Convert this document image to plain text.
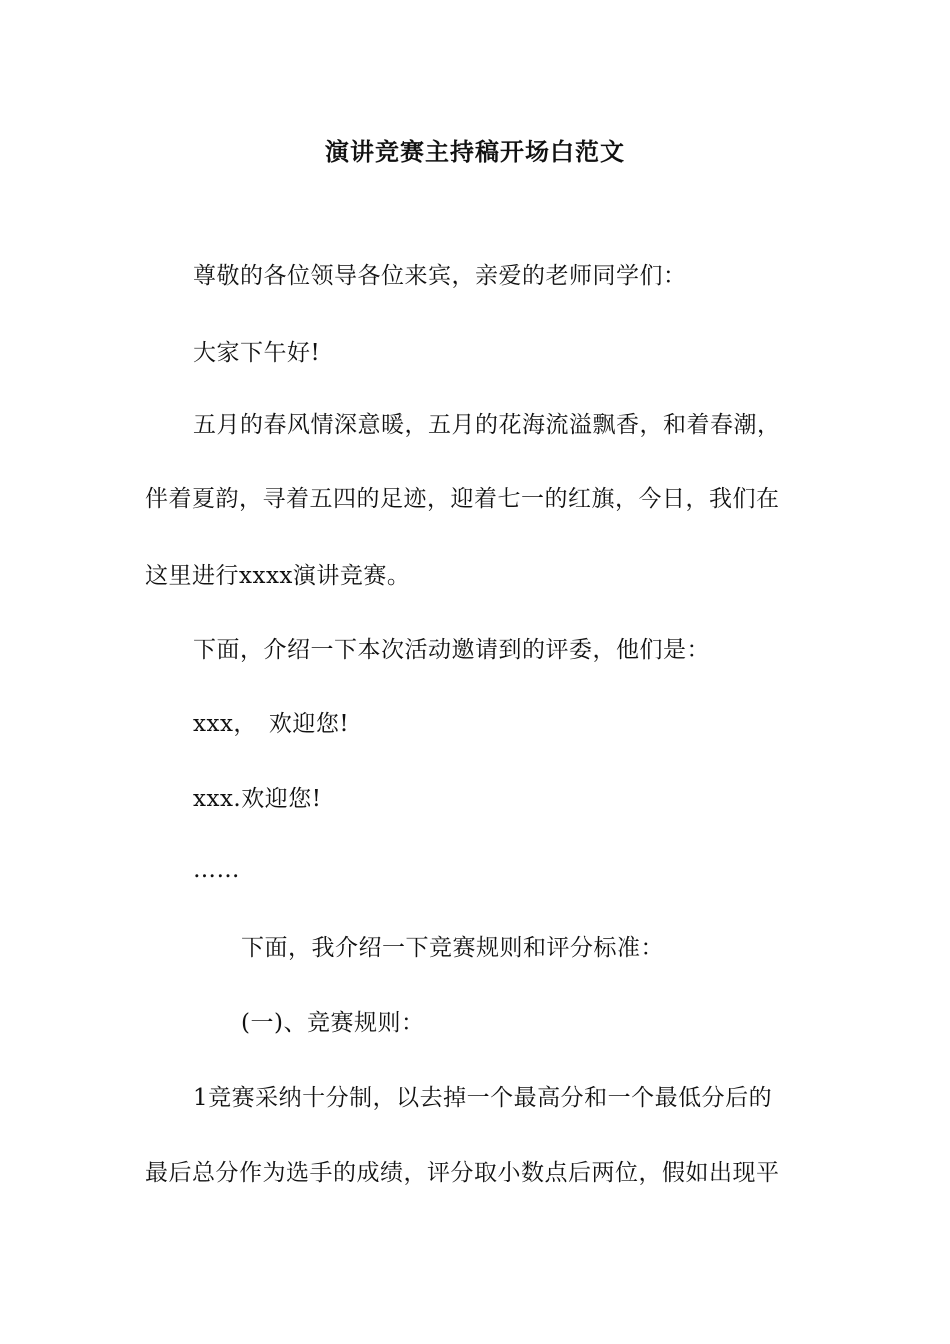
演讲竞赛主持稿开场白范文
尊敬的各位领导各位来宾，亲爱的老师同学们：
大家下午好!
五月的春风情深意暖，五月的花海流溢飘香，和着春潮，
伴着夏韵，寻着五四的足迹，迎着七一的红旗，今日，我们在
这里进行xxxx演讲竞赛。
下面，介绍一下本次活动邀请到的评委，他们是：
xxx，　欢迎您!
xxx.欢迎您!
……
下面，我介绍一下竞赛规则和评分标准：
(一)、竞赛规则：
1竞赛采纳十分制，以去掉一个最高分和一个最低分后的
最后总分作为选手的成绩，评分取小数点后两位，假如出现平
